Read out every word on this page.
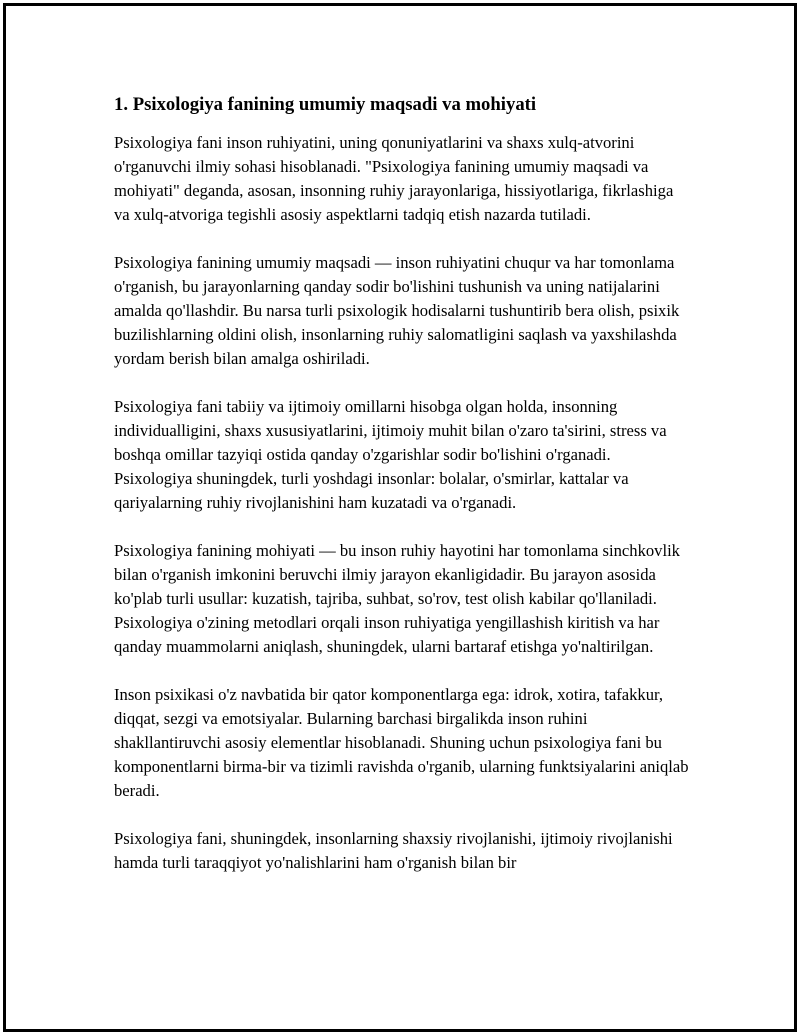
1. Psixologiya fanining umumiy maqsadi va mohiyati

Psixologiya fani inson ruhiyatini, uning qonuniyatlarini va shaxs xulq-atvorini o'rganuvchi ilmiy sohasi hisoblanadi. "Psixologiya fanining umumiy maqsadi va mohiyati" deganda, asosan, insonning ruhiy jarayonlariga, hissiyotlariga, fikrlashiga va xulq-atvoriga tegishli asosiy aspektlarni tadqiq etish nazarda tutiladi.

Psixologiya fanining umumiy maqsadi — inson ruhiyatini chuqur va har tomonlama o'rganish, bu jarayonlarning qanday sodir bo'lishini tushunish va uning natijalarini amalda qo'llashdir. Bu narsa turli psixologik hodisalarni tushuntirib bera olish, psixik buzilishlarning oldini olish, insonlarning ruhiy salomatligini saqlash va yaxshilashda yordam berish bilan amalga oshiriladi.

Psixologiya fani tabiiy va ijtimoiy omillarni hisobga olgan holda, insonning individualligini, shaxs xususiyatlarini, ijtimoiy muhit bilan o'zaro ta'sirini, stress va boshqa omillar tazyiqi ostida qanday o'zgarishlar sodir bo'lishini o'rganadi. Psixologiya shuningdek, turli yoshdagi insonlar: bolalar, o'smirlar, kattalar va qariyalarning ruhiy rivojlanishini ham kuzatadi va o'rganadi.

Psixologiya fanining mohiyati — bu inson ruhiy hayotini har tomonlama sinchkovlik bilan o'rganish imkonini beruvchi ilmiy jarayon ekanligidadir. Bu jarayon asosida ko'plab turli usullar: kuzatish, tajriba, suhbat, so'rov, test olish kabilar qo'llaniladi. Psixologiya o'zining metodlari orqali inson ruhiyatiga yengillashish kiritish va har qanday muammolarni aniqlash, shuningdek, ularni bartaraf etishga yo'naltirilgan.

Inson psixikasi o'z navbatida bir qator komponentlarga ega: idrok, xotira, tafakkur, diqqat, sezgi va emotsiyalar. Bularning barchasi birgalikda inson ruhini shakllantiruvchi asosiy elementlar hisoblanadi. Shuning uchun psixologiya fani bu komponentlarni birma-bir va tizimli ravishda o'rganib, ularning funktsiyalarini aniqlab beradi.

Psixologiya fani, shuningdek, insonlarning shaxsiy rivojlanishi, ijtimoiy rivojlanishi hamda turli taraqqiyot yo'nalishlarini ham o'rganish bilan bir
